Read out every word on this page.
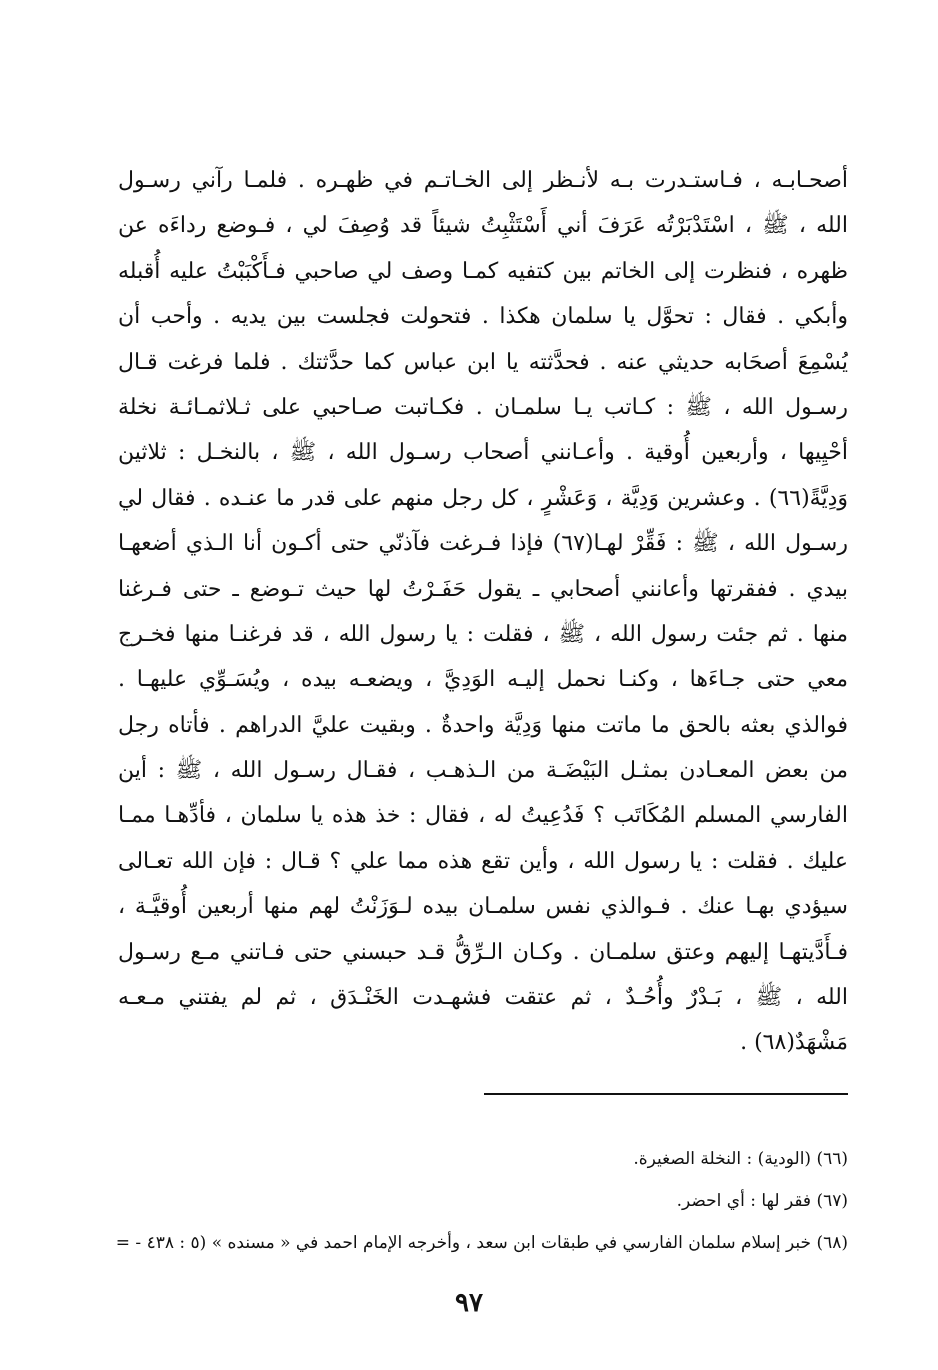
أصحـابـه ، فـاستـدرت بـه لأنـظر إلى الخـاتـم في ظهـره . فلمـا رآني رسـول
الله ، ﷺ ، اسْتَدْبَرْتُه عَرَفَ أني أَسْتَثْبِتُ شيئاً قد وُصِفَ لي ، فـوضع رداءَه عن
ظهره ، فنظرت إلى الخاتم بين كتفيه كمـا وصف لي صاحبي فـأَكْبَبْتُ عليه أُقبله
وأبكي . فقال : تحوَّل يا سلمان هكذا . فتحولت فجلست بين يديه . وأحب أن
يُسْمِعَ أصحَابه حديثي عنه . فحدَّثته يا ابن عباس كما حدَّثتك . فلما فرغت قـال
رسـول الله ، ﷺ : كـاتب يـا سلمـان . فكـاتبت صـاحبي على ثـلاثمـائـة نخلة
أحْيِيها ، وأربعين أُوقية . وأعـانني أصحاب رسـول الله ، ﷺ ، بالنخـل : ثلاثين
وَدِيَّةً(٦٦) . وعشرين وَدِيَّة ، وَعَشْرٍ ، كل رجل منهم على قدر ما عنـده . فقال لي
رسـول الله ، ﷺ : فَقِّرْ لهـا(٦٧) فإذا فـرغت فآذنّي حتى أكـون أنا الـذي أضعهـا
بيدي . ففقرتها وأعانني أصحابي ـ يقول حَفَـرْتُ لها حيث تـوضع ـ حتى فـرغنا
منها . ثم جئت رسول الله ، ﷺ ، فقلت : يا رسول الله ، قد فرغنـا منها فخـرج
معي حتى جـاءَها ، وكنـا نحمل إليـه الوَدِيَّ ، ويضعـه بيده ، ويُسَـوِّي عليهـا .
فوالذي بعثه بالحق ما ماتت منها وَدِيَّة واحدةٌ . وبقيت عليَّ الدراهم . فأتاه رجل
من بعض المعـادن بمثـل البَيْضَـة من الـذهـب ، فقـال رسـول الله ، ﷺ : أين
الفارسي المسلم المُكَاتَب ؟ فَدُعِيتُ له ، فقال : خذ هذه يا سلمان ، فأدِّهـا ممـا
عليك . فقلت : يا رسول الله ، وأين تقع هذه مما علي ؟ قـال : فإن الله تعـالى
سيؤدي بهـا عنك . فـوالذي نفس سلمـان بيده لـوَزَنْتُ لهم منها أربعين أُوقيَّـة ،
فـأَدَّيتهـا إليهم وعتق سلمـان . وكـان الـرِّقُّ قـد حبسني حتى فـاتني مـع رسـول
الله ، ﷺ ، بَـدْرٌ وأُحُـدٌ ، ثم عتقت فشهـدت الخَنْـدَق ، ثم لم يفتني مـعـه
مَشْهَدٌ(٦٨) .
(٦٦) (الودية) : النخلة الصغيرة.
(٦٧) فقر لها : أي احضر.
(٦٨) خبر إسلام سلمان الفارسي في طبقات ابن سعد ، وأخرجه الإمام احمد في « مسنده » (٥ : ٤٣٨ - =
٩٧
